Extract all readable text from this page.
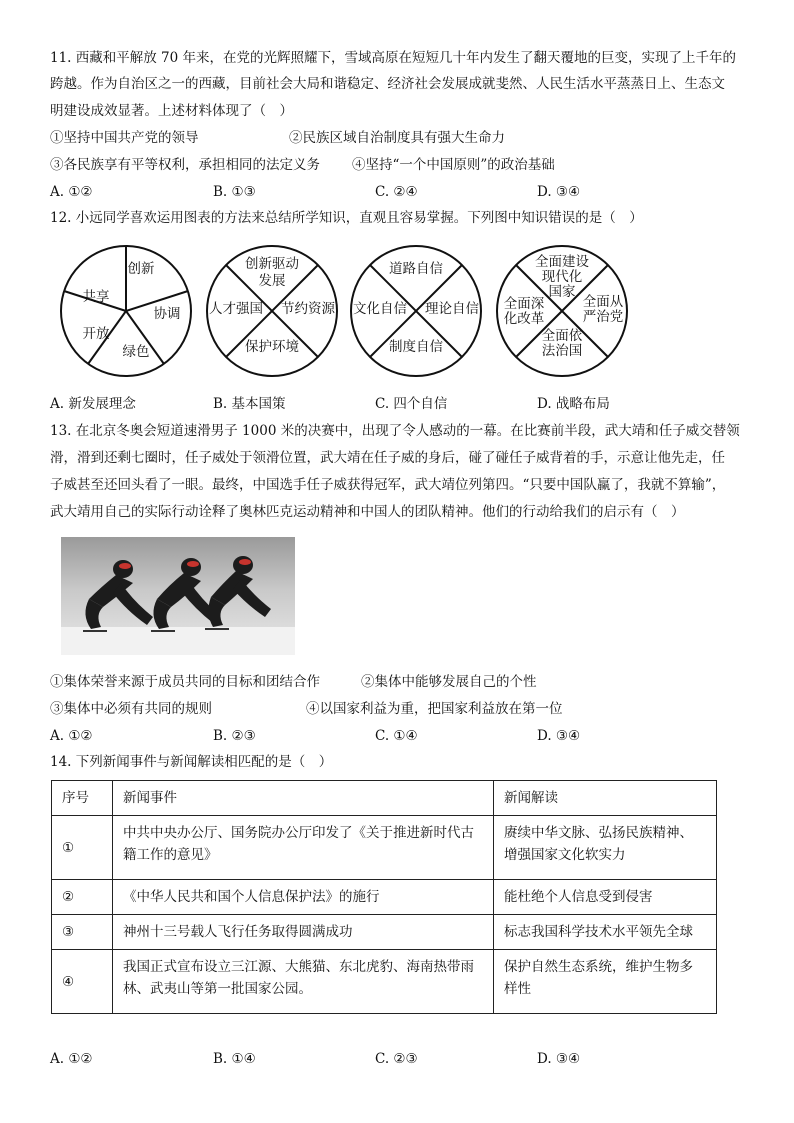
11. 西藏和平解放 70 年来，在党的光辉照耀下，雪域高原在短短几十年内发生了翻天覆地的巨变，实现了上千年的
跨越。作为自治区之一的西藏，目前社会大局和谐稳定、经济社会发展成就斐然、人民生活水平蒸蒸日上、生态文
明建设成效显著。上述材料体现了（　）
①坚持中国共产党的领导	②民族区域自治制度具有强大生命力
③各民族享有平等权利，承担相同的法定义务 ④坚持“一个中国原则”的政治基础
A. ①②	B. ①③	C. ②④	D. ③④
12. 小远同学喜欢运用图表的方法来总结所学知识，直观且容易掌握。下列图中知识错误的是（　）
创新
协调
绿色
开放
共享
创新驱动
发展
节约资源
保护环境
人才强国
道路自信
理论自信
制度自信
文化自信
全面建设
现代化
国家
全面从
严治党
全面依
法治国
全面深
化改革
A. 新发展理念	B. 基本国策	C. 四个自信	D. 战略布局
13. 在北京冬奥会短道速滑男子 1000 米的决赛中，出现了令人感动的一幕。在比赛前半段，武大靖和任子威交替领
滑，滑到还剩七圈时，任子威处于领滑位置，武大靖在任子威的身后，碰了碰任子威背着的手，示意让他先走，任
子威甚至还回头看了一眼。最终，中国选手任子威获得冠军，武大靖位列第四。“只要中国队赢了，我就不算输”，
武大靖用自己的实际行动诠释了奥林匹克运动精神和中国人的团队精神。他们的行动给我们的启示有（　）
①集体荣誉来源于成员共同的目标和团结合作	②集体中能够发展自己的个性
③集体中必须有共同的规则	④以国家利益为重，把国家利益放在第一位
A. ①②	B. ②③	C. ①④	D. ③④
14. 下列新闻事件与新闻解读相匹配的是（　）
序号	新闻事件	新闻解读
①	中共中央办公厅、国务院办公厅印发了《关于推进新时代古籍工作的意见》	赓续中华文脉、弘扬民族精神、增强国家文化软实力
②	《中华人民共和国个人信息保护法》的施行	能杜绝个人信息受到侵害
③	神州十三号载人飞行任务取得圆满成功	标志我国科学技术水平领先全球
④	我国正式宣布设立三江源、大熊猫、东北虎豹、海南热带雨林、武夷山等第一批国家公园。	保护自然生态系统，维护生物多样性
A. ①②	B. ①④	C. ②③	D. ③④
